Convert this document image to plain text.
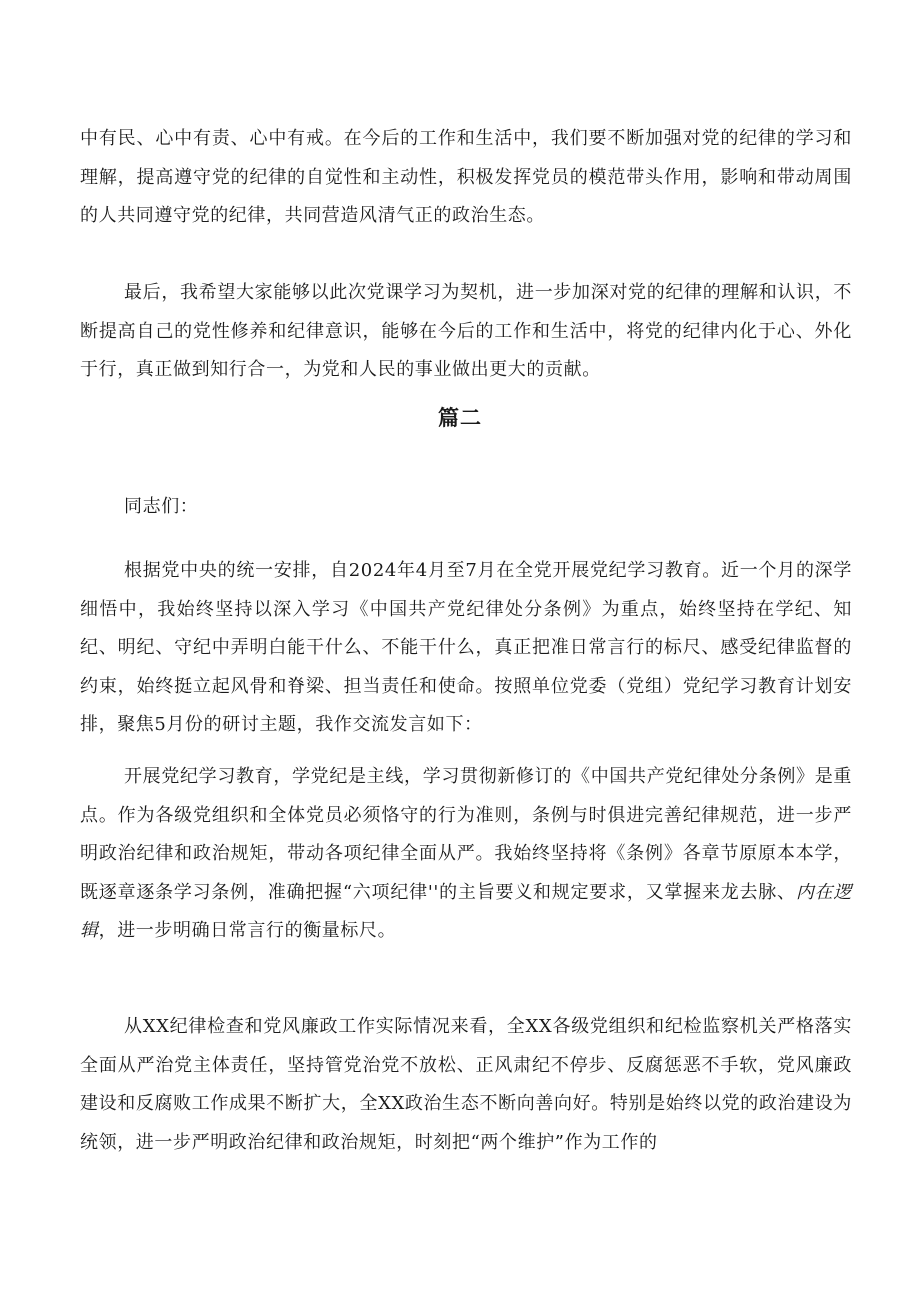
中有民、心中有责、心中有戒。在今后的工作和生活中，我们要不断加强对党的纪律的学习和理解，提高遵守党的纪律的自觉性和主动性，积极发挥党员的模范带头作用，影响和带动周围的人共同遵守党的纪律，共同营造风清气正的政治生态。

最后，我希望大家能够以此次党课学习为契机，进一步加深对党的纪律的理解和认识，不断提高自己的党性修养和纪律意识，能够在今后的工作和生活中，将党的纪律内化于心、外化于行，真正做到知行合一，为党和人民的事业做出更大的贡献。

篇二

同志们：

根据党中央的统一安排，自2024年4月至7月在全党开展党纪学习教育。近一个月的深学细悟中，我始终坚持以深入学习《中国共产党纪律处分条例》为重点，始终坚持在学纪、知纪、明纪、守纪中弄明白能干什么、不能干什么，真正把准日常言行的标尺、感受纪律监督的约束，始终挺立起风骨和脊梁、担当责任和使命。按照单位党委（党组）党纪学习教育计划安排，聚焦5月份的研讨主题，我作交流发言如下：

开展党纪学习教育，学党纪是主线，学习贯彻新修订的《中国共产党纪律处分条例》是重点。作为各级党组织和全体党员必须恪守的行为准则，条例与时俱进完善纪律规范，进一步严明政治纪律和政治规矩，带动各项纪律全面从严。我始终坚持将《条例》各章节原原本本学，既逐章逐条学习条例，准确把握“六项纪律''的主旨要义和规定要求，又掌握来龙去脉、内在逻辑，进一步明确日常言行的衡量标尺。

从XX纪律检查和党风廉政工作实际情况来看，全XX各级党组织和纪检监察机关严格落实全面从严治党主体责任，坚持管党治党不放松、正风肃纪不停步、反腐惩恶不手软，党风廉政建设和反腐败工作成果不断扩大，全XX政治生态不断向善向好。特别是始终以党的政治建设为统领，进一步严明政治纪律和政治规矩，时刻把“两个维护”作为工作的
